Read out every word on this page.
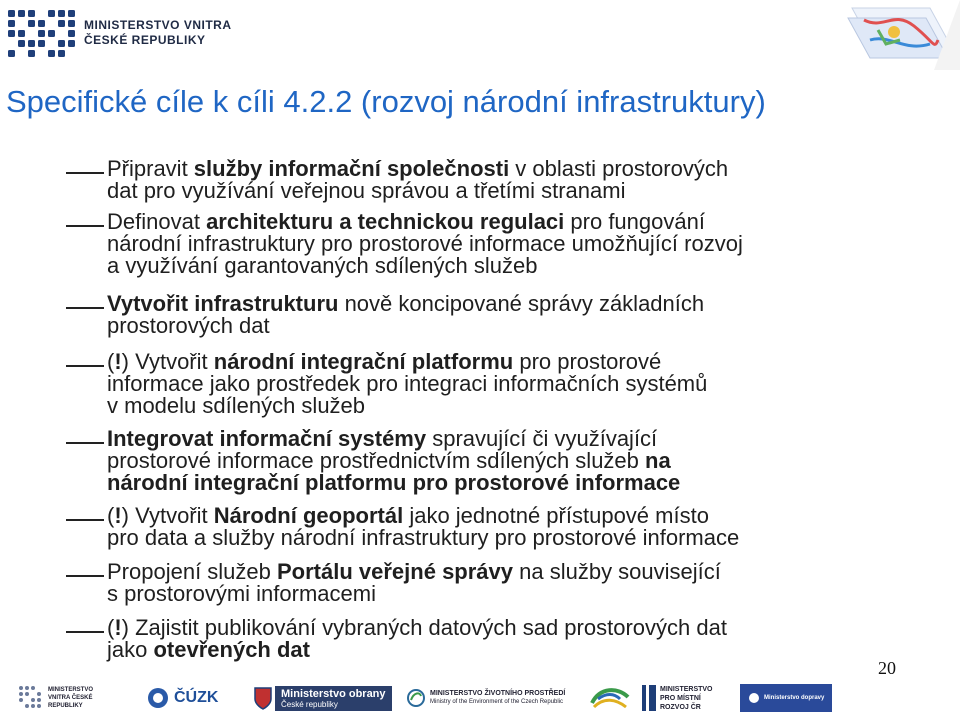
MINISTERSTVO VNITRA
ČESKÉ REPUBLIKY
Specifické cíle k cíli 4.2.2 (rozvoj národní infrastruktury)
Připravit služby informační společnosti v oblasti prostorových
dat pro využívání veřejnou správou a třetími stranami
Definovat architekturu a technickou regulaci pro fungování
národní infrastruktury pro prostorové informace umožňující rozvoj
a využívání garantovaných sdílených služeb
Vytvořit infrastrukturu nově koncipované správy základních
prostorových dat
(!) Vytvořit národní integrační platformu pro prostorové
informace jako prostředek pro integraci informačních systémů
v modelu sdílených služeb
Integrovat informační systémy spravující či využívající
prostorové informace prostřednictvím sdílených služeb na
národní integrační platformu pro prostorové informace
(!) Vytvořit Národní geoportál jako jednotné přístupové místo
pro data a služby národní infrastruktury pro prostorové informace
Propojení služeb Portálu veřejné správy na služby související
s prostorovými informacemi
(!) Zajistit publikování vybraných datových sad prostorových dat
jako otevřených dat
20
MINISTERSTVO VNITRA ČESKÉ REPUBLIKY	ČÚZK	Ministerstvo obrany
České republiky
MINISTERSTVO ŽIVOTNÍHO PROSTŘEDÍ
Ministry of the Environment of the Czech Republic
MINISTERSTVO PRO MÍSTNÍ ROZVOJ ČR
Ministerstvo dopravy
